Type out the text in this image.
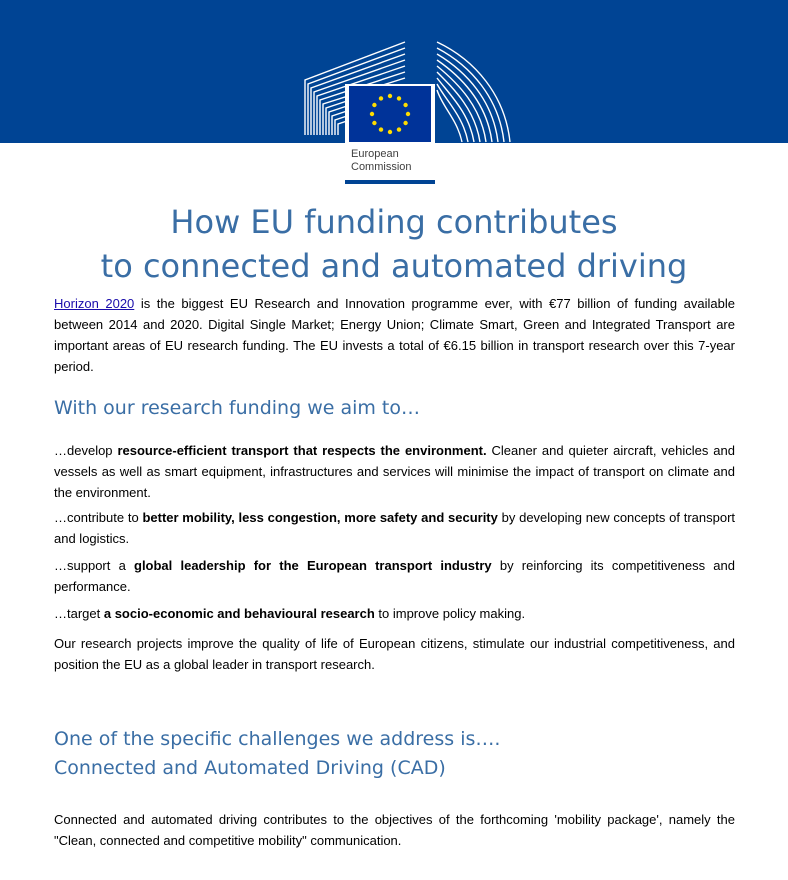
European
Commission
How EU funding contributes
to connected and automated driving

Horizon 2020 is the biggest EU Research and Innovation programme ever, with €77 billion of funding available between 2014 and 2020. Digital Single Market; Energy Union; Climate Smart, Green and Integrated Transport are important areas of EU research funding. The EU invests a total of €6.15 billion in transport research over this 7-year period.

With our research funding we aim to…

…develop resource-efficient transport that respects the environment. Cleaner and quieter aircraft, vehicles and vessels as well as smart equipment, infrastructures and services will minimise the impact of transport on climate and the environment.

…contribute to better mobility, less congestion, more safety and security by developing new concepts of transport and logistics.

…support a global leadership for the European transport industry by reinforcing its competitiveness and performance.

…target a socio-economic and behavioural research to improve policy making.

Our research projects improve the quality of life of European citizens, stimulate our industrial competitiveness, and position the EU as a global leader in transport research.

One of the specific challenges we address is….
Connected and Automated Driving (CAD)

Connected and automated driving contributes to the objectives of the forthcoming 'mobility package', namely the "Clean, connected and competitive mobility" communication.
